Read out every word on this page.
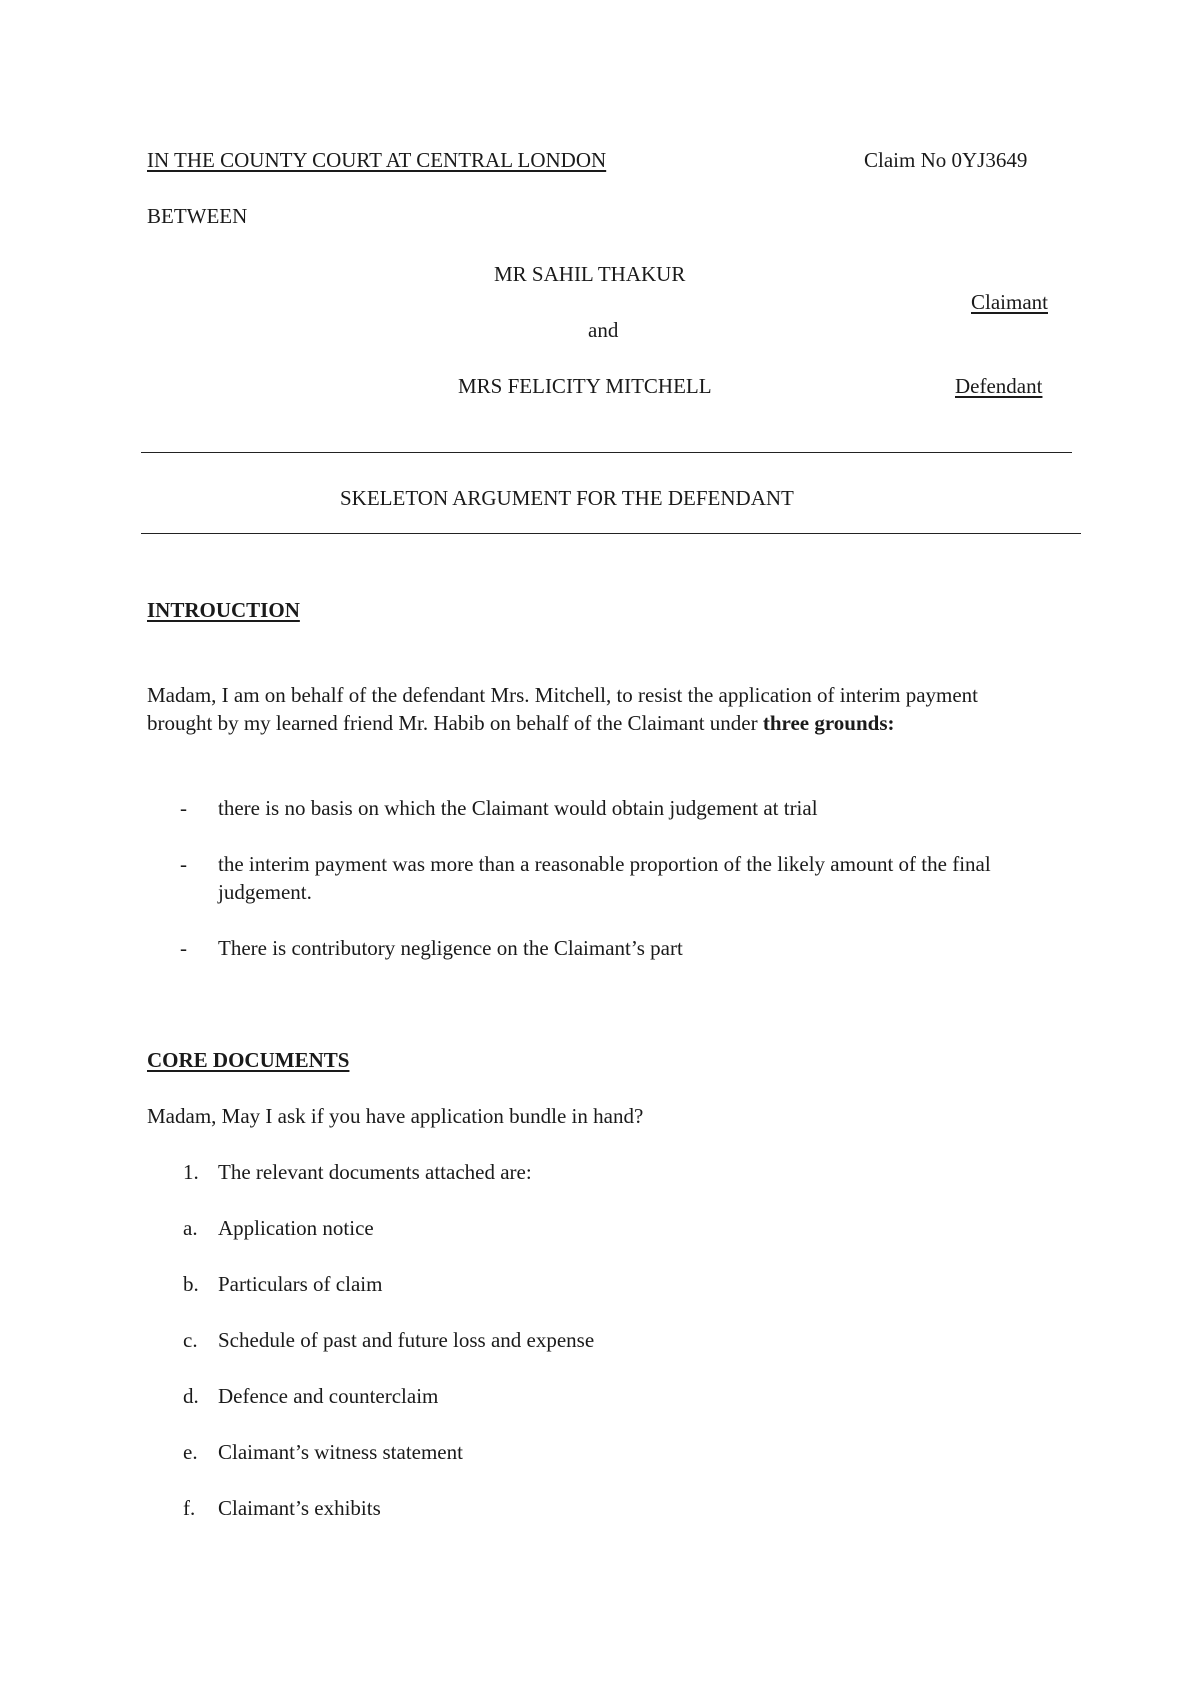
IN THE COUNTY COURT AT CENTRAL LONDON	Claim No 0YJ3649
BETWEEN
MR SAHIL THAKUR
Claimant
and
MRS FELICITY MITCHELL	Defendant
SKELETON ARGUMENT FOR THE DEFENDANT
INTROUCTION
Madam, I am on behalf of the defendant Mrs. Mitchell, to resist the application of interim payment brought by my learned friend Mr. Habib on behalf of the Claimant under three grounds:
- there is no basis on which the Claimant would obtain judgement at trial
- the interim payment was more than a reasonable proportion of the likely amount of the final judgement.
- There is contributory negligence on the Claimant’s part
CORE DOCUMENTS
Madam, May I ask if you have application bundle in hand?
1. The relevant documents attached are:
a. Application notice
b. Particulars of claim
c. Schedule of past and future loss and expense
d. Defence and counterclaim
e. Claimant’s witness statement
f. Claimant’s exhibits
